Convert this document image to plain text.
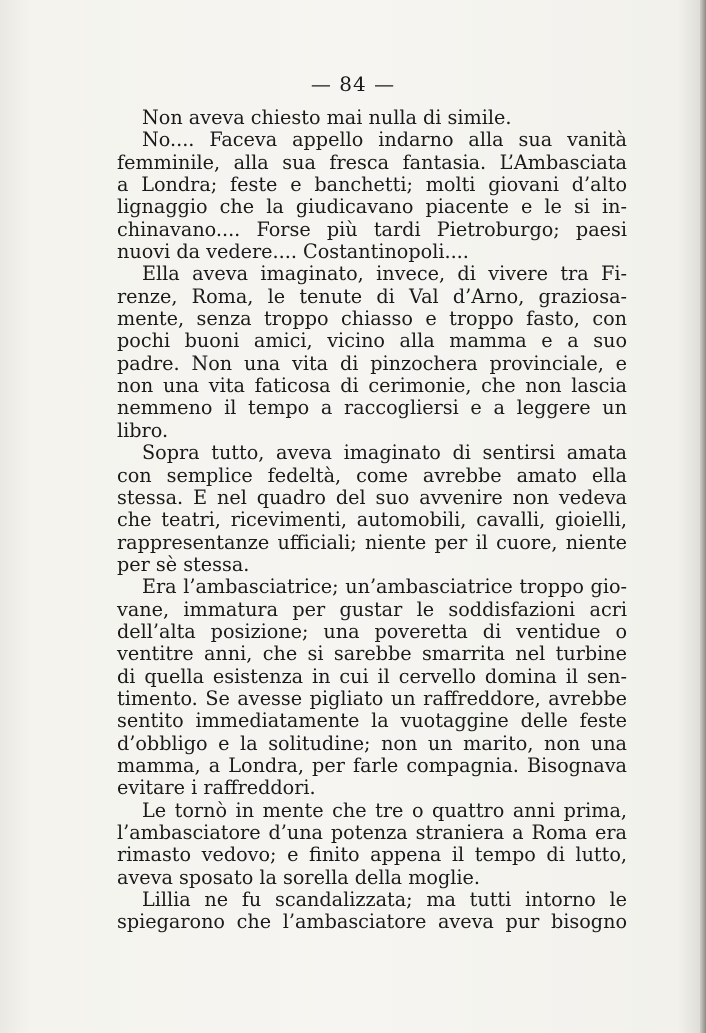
— 84 —
Non aveva chiesto mai nulla di simile.
No.... Faceva appello indarno alla sua vanità
femminile, alla sua fresca fantasia. L’Ambasciata
a Londra; feste e banchetti; molti giovani d’alto
lignaggio che la giudicavano piacente e le si in-
chinavano.... Forse più tardi Pietroburgo; paesi
nuovi da vedere.... Costantinopoli....
Ella aveva imaginato, invece, di vivere tra Fi-
renze, Roma, le tenute di Val d’Arno, graziosa-
mente, senza troppo chiasso e troppo fasto, con
pochi buoni amici, vicino alla mamma e a suo
padre. Non una vita di pinzochera provinciale, e
non una vita faticosa di cerimonie, che non lascia
nemmeno il tempo a raccogliersi e a leggere un
libro.
Sopra tutto, aveva imaginato di sentirsi amata
con semplice fedeltà, come avrebbe amato ella
stessa. E nel quadro del suo avvenire non vedeva
che teatri, ricevimenti, automobili, cavalli, gioielli,
rappresentanze ufficiali; niente per il cuore, niente
per sè stessa.
Era l’ambasciatrice; un’ambasciatrice troppo gio-
vane, immatura per gustar le soddisfazioni acri
dell’alta posizione; una poveretta di ventidue o
ventitre anni, che si sarebbe smarrita nel turbine
di quella esistenza in cui il cervello domina il sen-
timento. Se avesse pigliato un raffreddore, avrebbe
sentito immediatamente la vuotaggine delle feste
d’obbligo e la solitudine; non un marito, non una
mamma, a Londra, per farle compagnia. Bisognava
evitare i raffreddori.
Le tornò in mente che tre o quattro anni prima,
l’ambasciatore d’una potenza straniera a Roma era
rimasto vedovo; e finito appena il tempo di lutto,
aveva sposato la sorella della moglie.
Lillia ne fu scandalizzata; ma tutti intorno le
spiegarono che l’ambasciatore aveva pur bisogno
